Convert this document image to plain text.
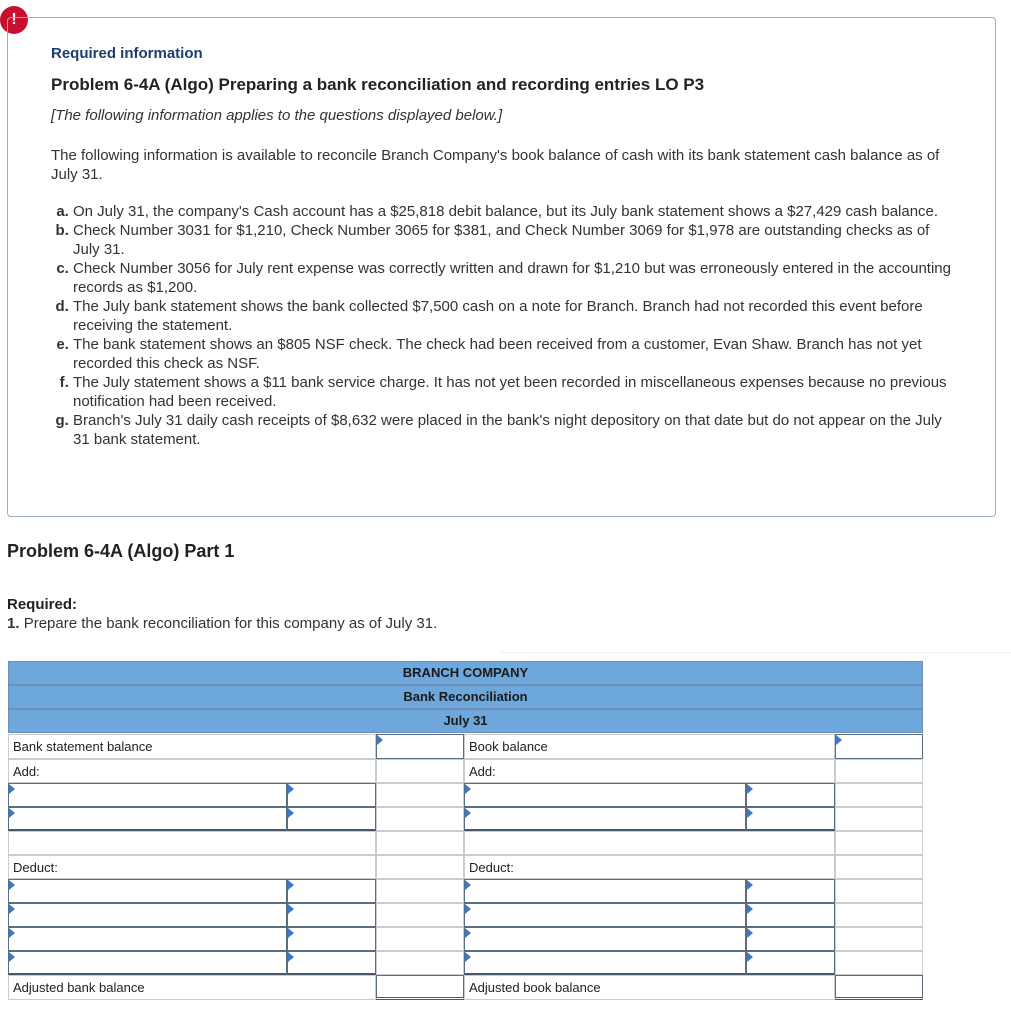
!
Required information
Problem 6-4A (Algo) Preparing a bank reconciliation and recording entries LO P3
[The following information applies to the questions displayed below.]
The following information is available to reconcile Branch Company's book balance of cash with its bank statement cash balance as of July 31.
a. On July 31, the company's Cash account has a $25,818 debit balance, but its July bank statement shows a $27,429 cash balance.
b. Check Number 3031 for $1,210, Check Number 3065 for $381, and Check Number 3069 for $1,978 are outstanding checks as of July 31.
c. Check Number 3056 for July rent expense was correctly written and drawn for $1,210 but was erroneously entered in the accounting records as $1,200.
d. The July bank statement shows the bank collected $7,500 cash on a note for Branch. Branch had not recorded this event before receiving the statement.
e. The bank statement shows an $805 NSF check. The check had been received from a customer, Evan Shaw. Branch has not yet recorded this check as NSF.
f. The July statement shows a $11 bank service charge. It has not yet been recorded in miscellaneous expenses because no previous notification had been received.
g. Branch's July 31 daily cash receipts of $8,632 were placed in the bank's night depository on that date but do not appear on the July 31 bank statement.
Problem 6-4A (Algo) Part 1
Required:
1. Prepare the bank reconciliation for this company as of July 31.
BRANCH COMPANY
Bank Reconciliation
July 31
Bank statement balance	Book balance
Add:	Add:
Deduct:	Deduct:
Adjusted bank balance	Adjusted book balance
